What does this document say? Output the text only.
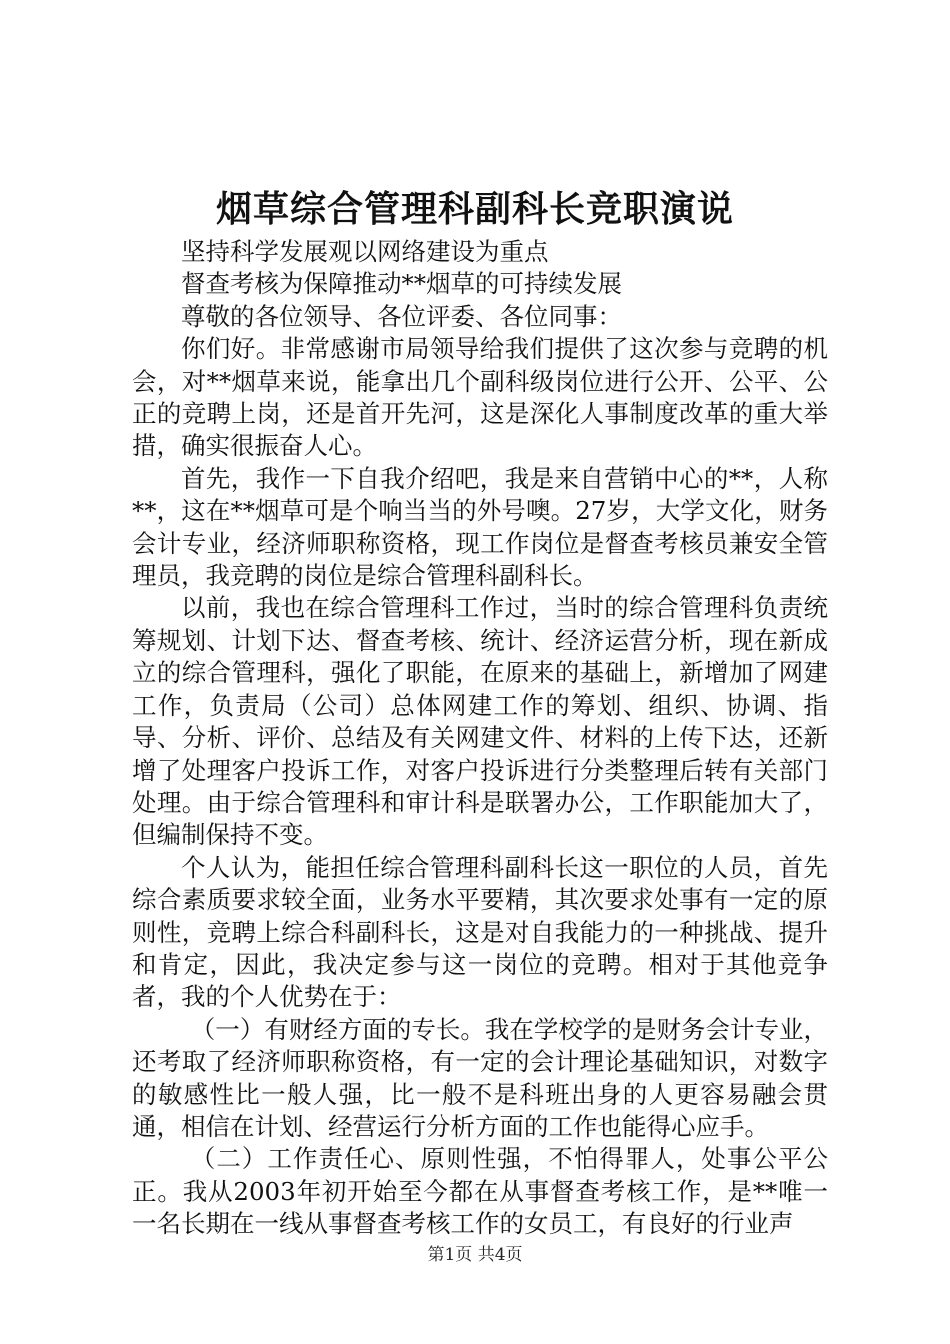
烟草综合管理科副科长竞职演说

坚持科学发展观以网络建设为重点

督查考核为保障推动**烟草的可持续发展

尊敬的各位领导、各位评委、各位同事：

你们好。非常感谢市局领导给我们提供了这次参与竞聘的机会，对**烟草来说，能拿出几个副科级岗位进行公开、公平、公正的竞聘上岗，还是首开先河，这是深化人事制度改革的重大举措，确实很振奋人心。

首先，我作一下自我介绍吧，我是来自营销中心的**，人称**，这在**烟草可是个响当当的外号噢。27岁，大学文化，财务会计专业，经济师职称资格，现工作岗位是督查考核员兼安全管理员，我竞聘的岗位是综合管理科副科长。

以前，我也在综合管理科工作过，当时的综合管理科负责统筹规划、计划下达、督查考核、统计、经济运营分析，现在新成立的综合管理科，强化了职能，在原来的基础上，新增加了网建工作，负责局（公司）总体网建工作的筹划、组织、协调、指导、分析、评价、总结及有关网建文件、材料的上传下达，还新增了处理客户投诉工作，对客户投诉进行分类整理后转有关部门处理。由于综合管理科和审计科是联署办公，工作职能加大了，但编制保持不变。

个人认为，能担任综合管理科副科长这一职位的人员，首先综合素质要求较全面，业务水平要精，其次要求处事有一定的原则性，竞聘上综合科副科长，这是对自我能力的一种挑战、提升和肯定，因此，我决定参与这一岗位的竞聘。相对于其他竞争者，我的个人优势在于：

（一）有财经方面的专长。我在学校学的是财务会计专业，还考取了经济师职称资格，有一定的会计理论基础知识，对数字的敏感性比一般人强，比一般不是科班出身的人更容易融会贯通，相信在计划、经营运行分析方面的工作也能得心应手。

（二）工作责任心、原则性强，不怕得罪人，处事公平公正。我从2003年初开始至今都在从事督查考核工作，是**唯一一名长期在一线从事督查考核工作的女员工，有良好的行业声

第1页 共4页
